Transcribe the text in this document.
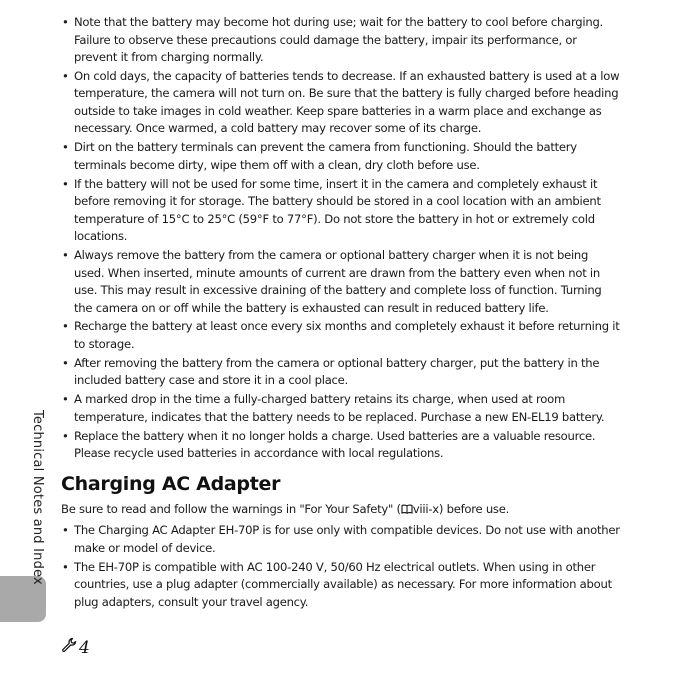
Technical Notes and Index
• Note that the battery may become hot during use; wait for the battery to cool before charging. Failure to observe these precautions could damage the battery, impair its performance, or prevent it from charging normally.
• On cold days, the capacity of batteries tends to decrease. If an exhausted battery is used at a low temperature, the camera will not turn on. Be sure that the battery is fully charged before heading outside to take images in cold weather. Keep spare batteries in a warm place and exchange as necessary. Once warmed, a cold battery may recover some of its charge.
• Dirt on the battery terminals can prevent the camera from functioning. Should the battery terminals become dirty, wipe them off with a clean, dry cloth before use.
• If the battery will not be used for some time, insert it in the camera and completely exhaust it before removing it for storage. The battery should be stored in a cool location with an ambient temperature of 15°C to 25°C (59°F to 77°F). Do not store the battery in hot or extremely cold locations.
• Always remove the battery from the camera or optional battery charger when it is not being used. When inserted, minute amounts of current are drawn from the battery even when not in use. This may result in excessive draining of the battery and complete loss of function. Turning the camera on or off while the battery is exhausted can result in reduced battery life.
• Recharge the battery at least once every six months and completely exhaust it before returning it to storage.
• After removing the battery from the camera or optional battery charger, put the battery in the included battery case and store it in a cool place.
• A marked drop in the time a fully-charged battery retains its charge, when used at room temperature, indicates that the battery needs to be replaced. Purchase a new EN-EL19 battery.
• Replace the battery when it no longer holds a charge. Used batteries are a valuable resource. Please recycle used batteries in accordance with local regulations.
Charging AC Adapter

Be sure to read and follow the warnings in "For Your Safety" ( viii-x) before use.

• The Charging AC Adapter EH-70P is for use only with compatible devices. Do not use with another make or model of device.
• The EH-70P is compatible with AC 100-240 V, 50/60 Hz electrical outlets. When using in other countries, use a plug adapter (commercially available) as necessary. For more information about plug adapters, consult your travel agency.
4
